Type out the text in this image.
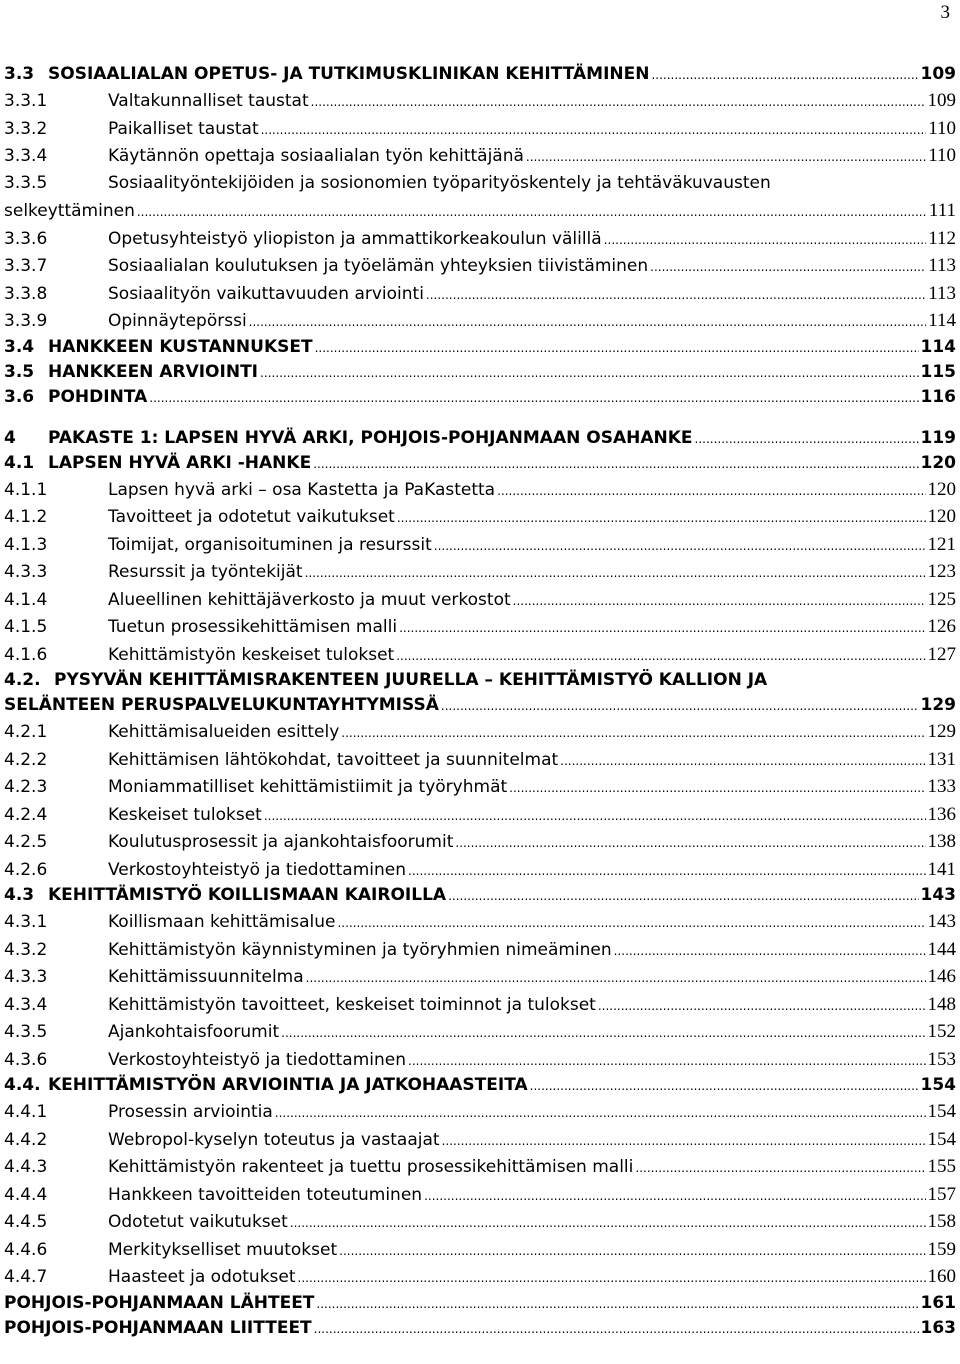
3
3.3 SOSIAALIALAN OPETUS- JA TUTKIMUSKLINIKAN KEHITTÄMINEN .....	109
3.3.1	Valtakunnalliset taustat .....	109
3.3.2	Paikalliset taustat .....	110
3.3.4	Käytännön opettaja sosiaalialan työn kehittäjänä .....	110
3.3.5	Sosiaalityöntekijöiden ja sosionomien työparityöskentely ja tehtäväkuvausten
selkeyttäminen .....	111
3.3.6	Opetusyhteistyö yliopiston ja ammattikorkeakoulun välillä .....	112
3.3.7	Sosiaalialan koulutuksen ja työelämän yhteyksien tiivistäminen .....	113
3.3.8	Sosiaalityön vaikuttavuuden arviointi .....	113
3.3.9	Opinnäytepörssi .....	114
3.4 HANKKEEN KUSTANNUKSET .....	114
3.5 HANKKEEN ARVIOINTI .....	115
3.6 POHDINTA .....	116
4	PAKASTE 1: LAPSEN HYVÄ ARKI, POHJOIS-POHJANMAAN OSAHANKE .....	119
4.1 LAPSEN HYVÄ ARKI -HANKE .....	120
4.1.1	Lapsen hyvä arki – osa Kastetta ja PaKastetta .....	120
4.1.2	Tavoitteet ja odotetut vaikutukset .....	120
4.1.3	Toimijat, organisoituminen ja resurssit .....	121
4.3.3	Resurssit ja työntekijät .....	123
4.1.4	Alueellinen kehittäjäverkosto ja muut verkostot .....	125
4.1.5	Tuetun prosessikehittämisen malli .....	126
4.1.6	Kehittämistyön keskeiset tulokset .....	127
4.2. PYSYVÄN KEHITTÄMISRAKENTEEN JUURELLA – KEHITTÄMISTYÖ KALLION JA
SELÄNTEEN PERUSPALVELUKUNTAYHTYMISSÄ .....	129
4.2.1	Kehittämisalueiden esittely .....	129
4.2.2	Kehittämisen lähtökohdat, tavoitteet ja suunnitelmat .....	131
4.2.3	Moniammatilliset kehittämistiimit ja työryhmät .....	133
4.2.4	Keskeiset tulokset .....	136
4.2.5	Koulutusprosessit ja ajankohtaisfoorumit .....	138
4.2.6	Verkostoyhteistyö ja tiedottaminen .....	141
4.3 KEHITTÄMISTYÖ KOILLISMAAN KAIROILLA .....	143
4.3.1	Koillismaan kehittämisalue .....	143
4.3.2	Kehittämistyön käynnistyminen ja työryhmien nimeäminen .....	144
4.3.3	Kehittämissuunnitelma .....	146
4.3.4	Kehittämistyön tavoitteet, keskeiset toiminnot ja tulokset .....	148
4.3.5	Ajankohtaisfoorumit .....	152
4.3.6	Verkostoyhteistyö ja tiedottaminen .....	153
4.4. KEHITTÄMISTYÖN ARVIOINTIA JA JATKOHAASTEITA .....	154
4.4.1	Prosessin arviointia .....	154
4.4.2	Webropol-kyselyn toteutus ja vastaajat .....	154
4.4.3	Kehittämistyön rakenteet ja tuettu prosessikehittämisen malli .....	155
4.4.4	Hankkeen tavoitteiden toteutuminen .....	157
4.4.5	Odotetut vaikutukset .....	158
4.4.6	Merkitykselliset muutokset .....	159
4.4.7	Haasteet ja odotukset .....	160
POHJOIS-POHJANMAAN LÄHTEET .....	161
POHJOIS-POHJANMAAN LIITTEET .....	163
